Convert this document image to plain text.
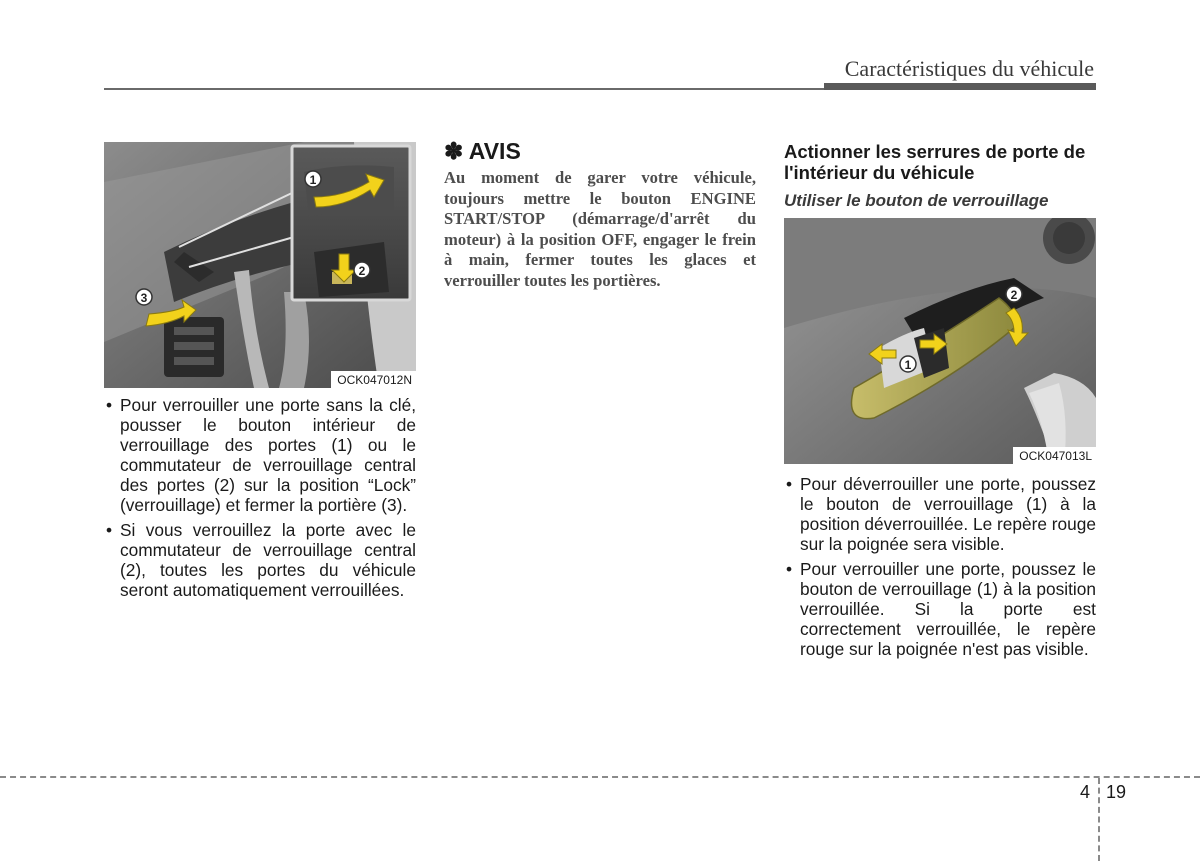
Caractéristiques du véhicule
1
2
3
OCK047012N
• Pour verrouiller une porte sans la clé, pousser le bouton intérieur de verrouillage des portes (1) ou le commutateur de verrouillage central des portes (2) sur la position “Lock” (verrouillage) et fermer la portière (3).
• Si vous verrouillez la porte avec le commutateur de verrouillage central (2), toutes les portes du véhicule seront automatiquement verrouillées.
✽ AVIS
Au moment de garer votre véhicule, toujours mettre le bouton ENGINE START/STOP (démarrage/d'arrêt du moteur) à la position OFF, engager le frein à main, fermer toutes les glaces et verrouiller toutes les portières.
Actionner les serrures de porte de l'intérieur du véhicule
Utiliser le bouton de verrouillage
1
2
OCK047013L
• Pour déverrouiller une porte, poussez le bouton de verrouillage (1) à la position déverrouillée. Le repère rouge sur la poignée sera visible.
• Pour verrouiller une porte, poussez le bouton de verrouillage (1) à la position verrouillée. Si la porte est correctement verrouillée, le repère rouge sur la poignée n'est pas visible.
4 19
